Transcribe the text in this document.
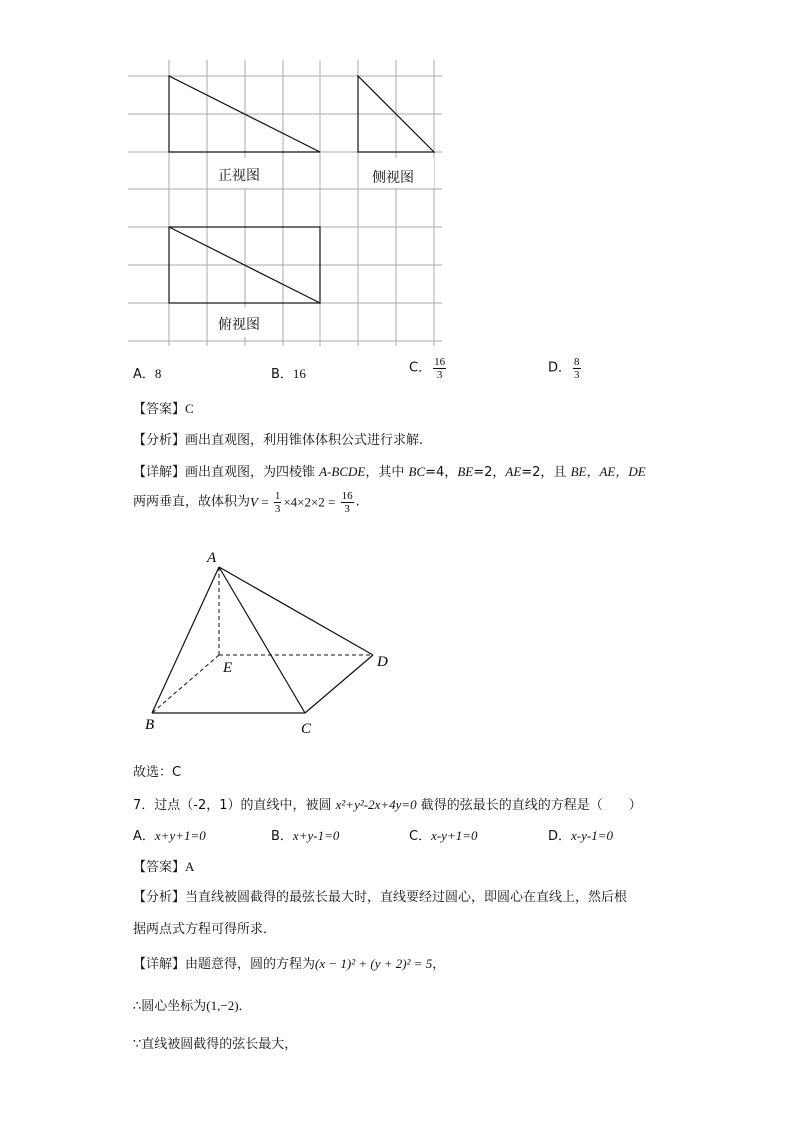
正视图	侧视图
俯视图
A．8	B．16	C． $\frac{16}{3}$	D． $\frac{8}{3}$
【答案】C
【分析】画出直观图，利用锥体体积公式进行求解.
【详解】画出直观图，为四棱锥 A-BCDE，其中 BC=4，BE=2，AE=2，且 BE，AE，DE
两两垂直，故体积为$V = \frac{1}{3} \times 4\times 2\times 2 = \frac{16}{3}$ .
A
E	D
B	C
故选：C
7．过点（-2，1）的直线中，被圆 x²+y²-2x+4y=0 截得的弦最长的直线的方程是（　　）
A．x+y+1=0	B．x+y-1=0	C．x-y+1=0	D．x-y-1=0
【答案】A
【分析】当直线被圆截得的最弦长最大时，直线要经过圆心，即圆心在直线上，然后根
据两点式方程可得所求．
【详解】由题意得，圆的方程为(x − 1)² + (y + 2)² = 5，
∴圆心坐标为(1,−2)．
∵直线被圆截得的弦长最大，
